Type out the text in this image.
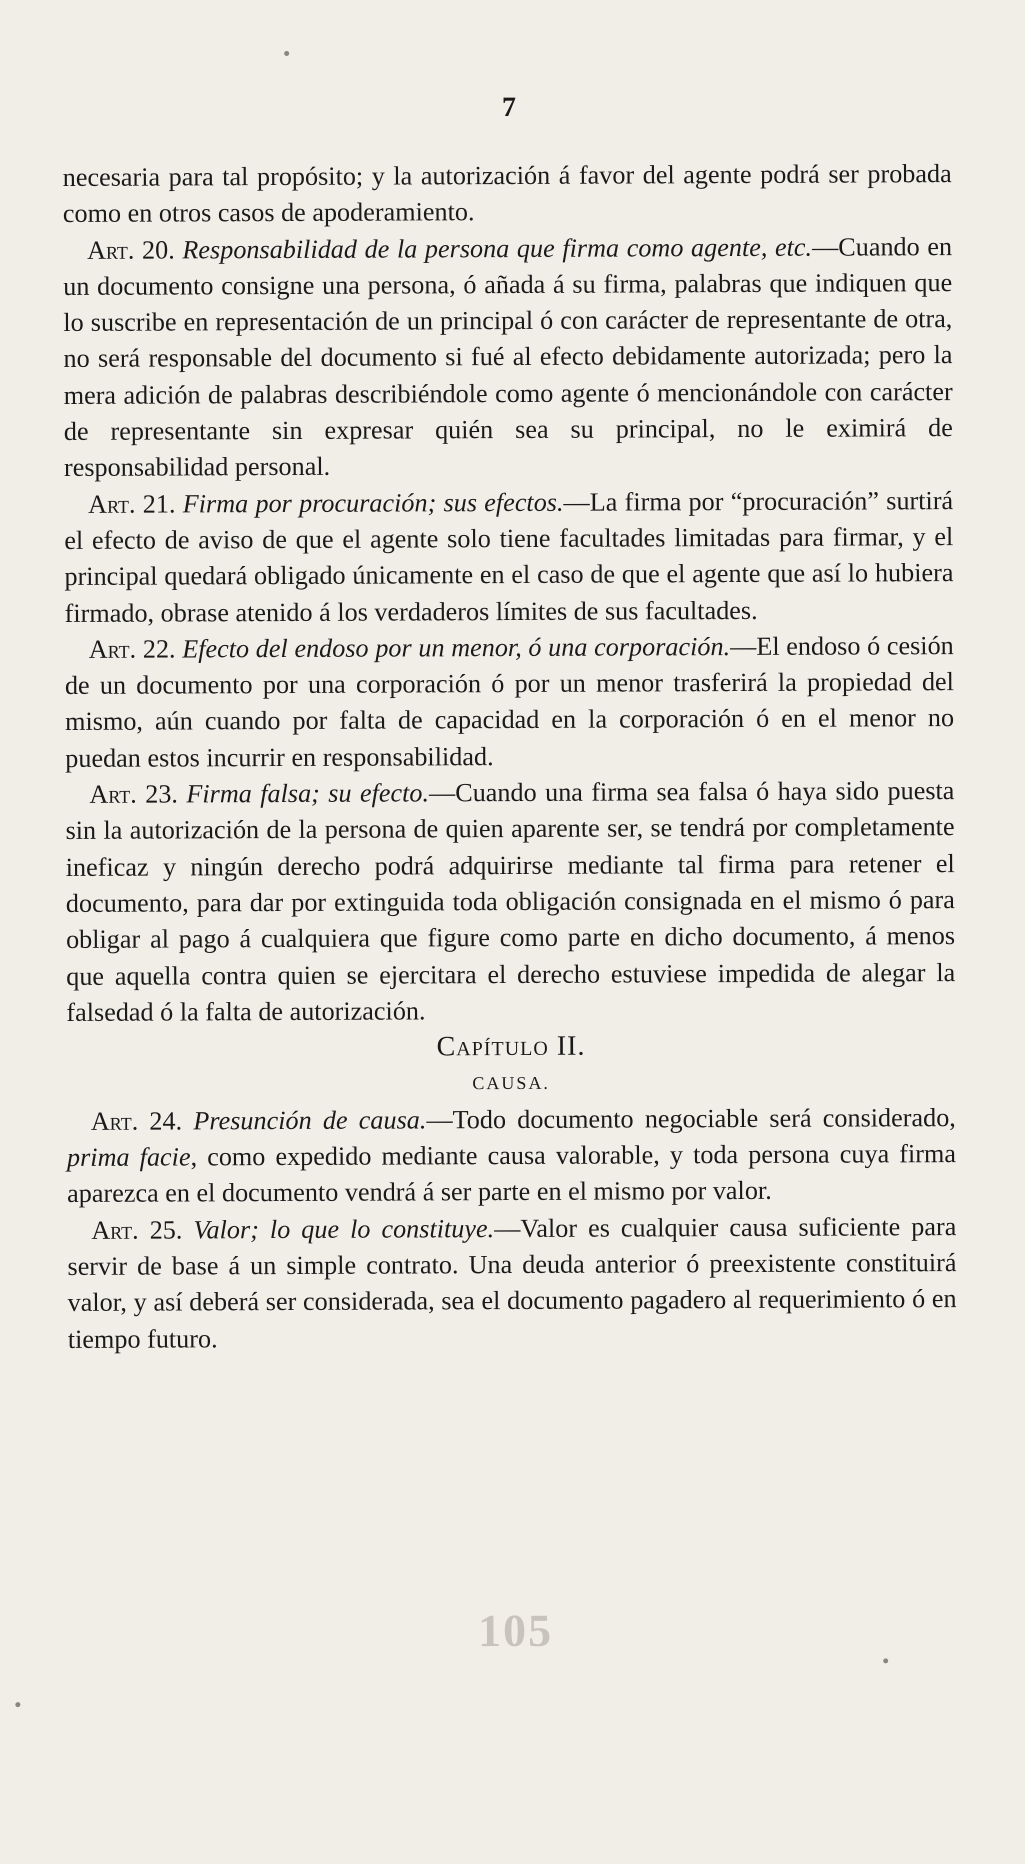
7

necesaria para tal propósito; y la autorización á favor del agente podrá ser probada como en otros casos de apoderamiento.

Art. 20. Responsabilidad de la persona que firma como agente, etc.—Cuando en un documento consigne una persona, ó añada á su firma, palabras que indiquen que lo suscribe en representación de un principal ó con carácter de representante de otra, no será responsable del documento si fué al efecto debidamente autorizada; pero la mera adición de palabras describiéndole como agente ó mencionándole con carácter de representante sin expresar quién sea su principal, no le eximirá de responsabilidad personal.

Art. 21. Firma por procuración; sus efectos.—La firma por “procuración” surtirá el efecto de aviso de que el agente solo tiene facultades limitadas para firmar, y el principal quedará obligado únicamente en el caso de que el agente que así lo hubiera firmado, obrase atenido á los verdaderos límites de sus facultades.

Art. 22. Efecto del endoso por un menor, ó una corporación.—El endoso ó cesión de un documento por una corporación ó por un menor trasferirá la propiedad del mismo, aún cuando por falta de capacidad en la corporación ó en el menor no puedan estos incurrir en responsabilidad.

Art. 23. Firma falsa; su efecto.—Cuando una firma sea falsa ó haya sido puesta sin la autorización de la persona de quien aparente ser, se tendrá por completamente ineficaz y ningún derecho podrá adquirirse mediante tal firma para retener el documento, para dar por extinguida toda obligación consignada en el mismo ó para obligar al pago á cualquiera que figure como parte en dicho documento, á menos que aquella contra quien se ejercitara el derecho estuviese impedida de alegar la falsedad ó la falta de autorización.

Capítulo II.

CAUSA.

Art. 24. Presunción de causa.—Todo documento negociable será considerado, prima facie, como expedido mediante causa valorable, y toda persona cuya firma aparezca en el documento vendrá á ser parte en el mismo por valor.

Art. 25. Valor; lo que lo constituye.—Valor es cualquier causa suficiente para servir de base á un simple contrato. Una deuda anterior ó preexistente constituirá valor, y así deberá ser considerada, sea el documento pagadero al requerimiento ó en tiempo futuro.

105
